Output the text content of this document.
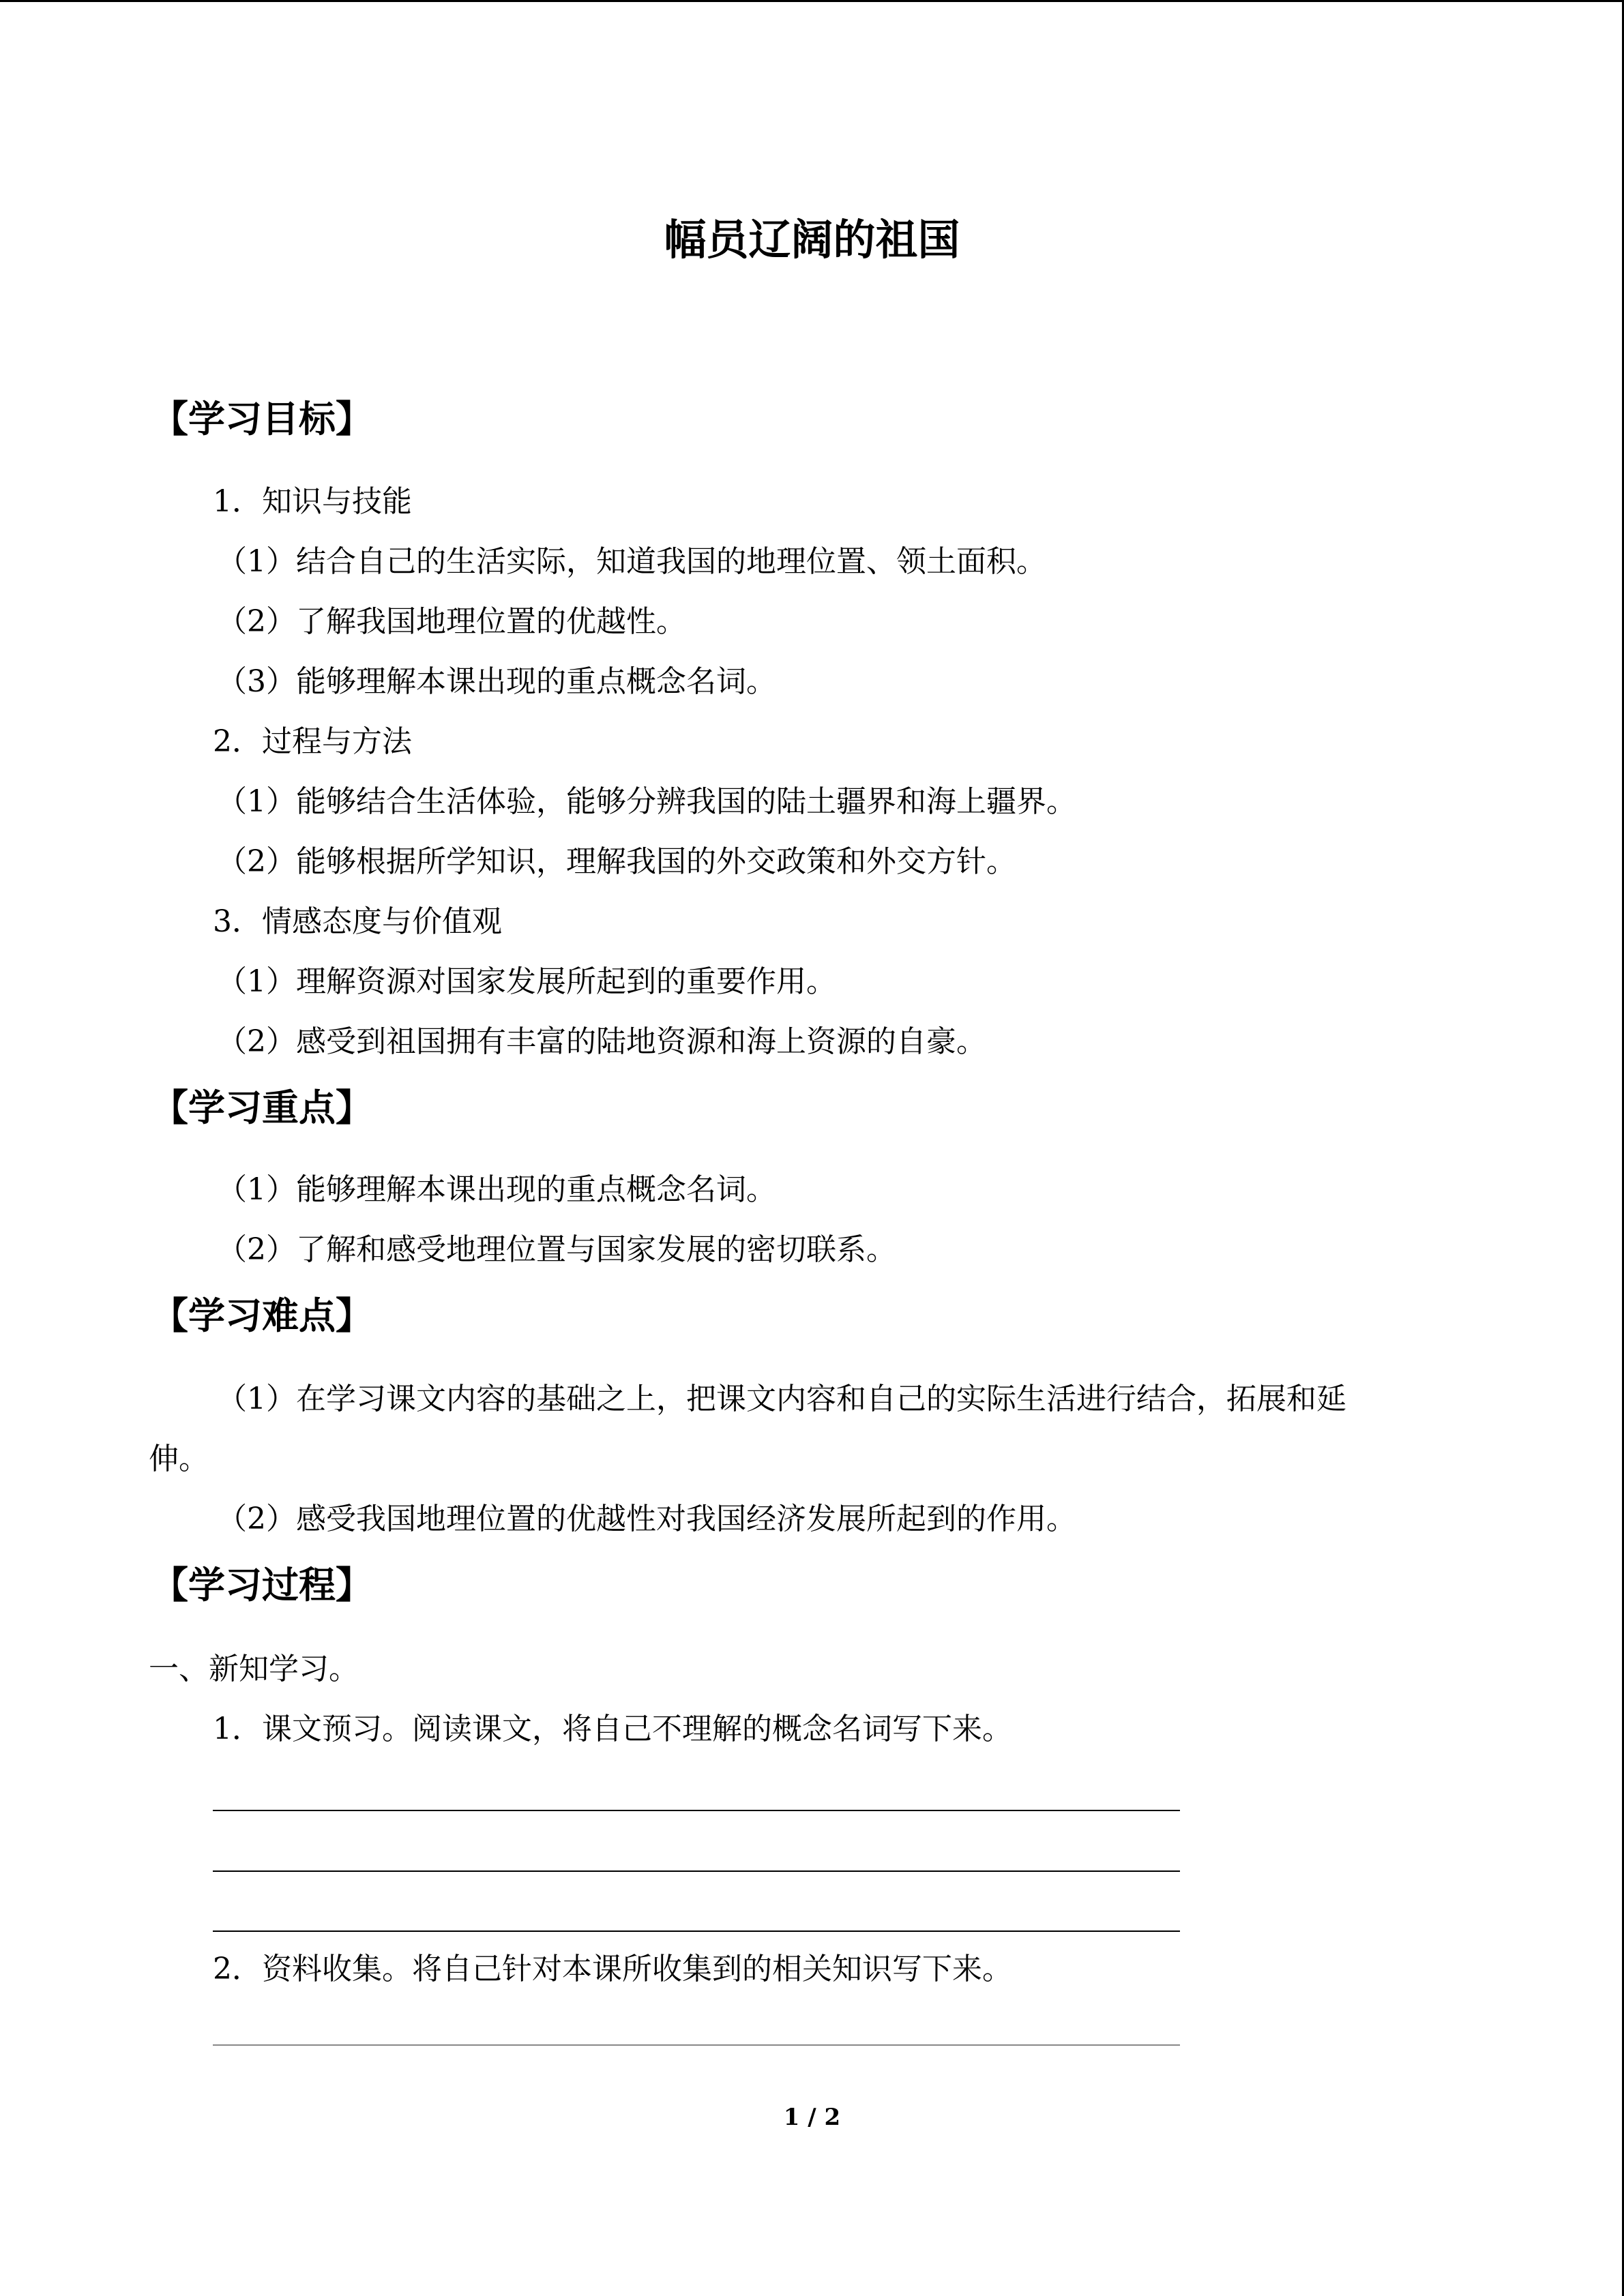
幅员辽阔的祖国
【学习目标】
1．知识与技能
（1）结合自己的生活实际，知道我国的地理位置、领土面积。
（2）了解我国地理位置的优越性。
（3）能够理解本课出现的重点概念名词。
2．过程与方法
（1）能够结合生活体验，能够分辨我国的陆土疆界和海上疆界。
（2）能够根据所学知识，理解我国的外交政策和外交方针。
3．情感态度与价值观
（1）理解资源对国家发展所起到的重要作用。
（2）感受到祖国拥有丰富的陆地资源和海上资源的自豪。
【学习重点】
（1）能够理解本课出现的重点概念名词。
（2）了解和感受地理位置与国家发展的密切联系。
【学习难点】
（1）在学习课文内容的基础之上，把课文内容和自己的实际生活进行结合，拓展和延
伸。
（2）感受我国地理位置的优越性对我国经济发展所起到的作用。
【学习过程】
一、新知学习。
1．课文预习。阅读课文，将自己不理解的概念名词写下来。
2．资料收集。将自己针对本课所收集到的相关知识写下来。
1 / 2
